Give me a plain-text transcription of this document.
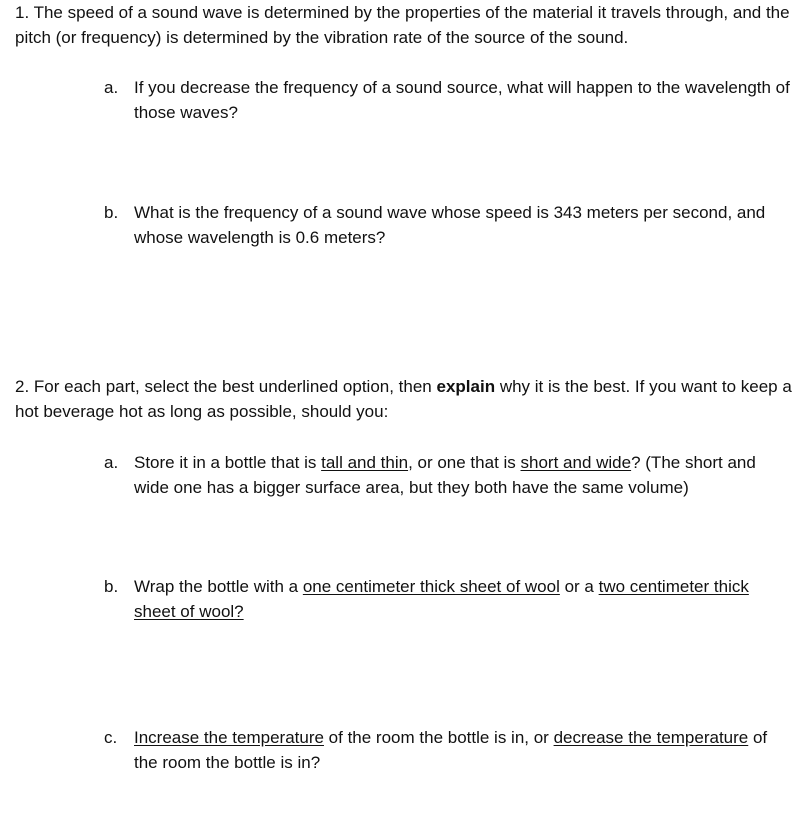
1. The speed of a sound wave is determined by the properties of the material it travels through, and the pitch (or frequency) is determined by the vibration rate of the source of the sound.

a. If you decrease the frequency of a sound source, what will happen to the wavelength of those waves?
b. What is the frequency of a sound wave whose speed is 343 meters per second, and whose wavelength is 0.6 meters?

2. For each part, select the best underlined option, then explain why it is the best. If you want to keep a hot beverage hot as long as possible, should you:

a. Store it in a bottle that is tall and thin, or one that is short and wide? (The short and wide one has a bigger surface area, but they both have the same volume)
b. Wrap the bottle with a one centimeter thick sheet of wool or a two centimeter thick sheet of wool?
c. Increase the temperature of the room the bottle is in, or decrease the temperature of the room the bottle is in?
